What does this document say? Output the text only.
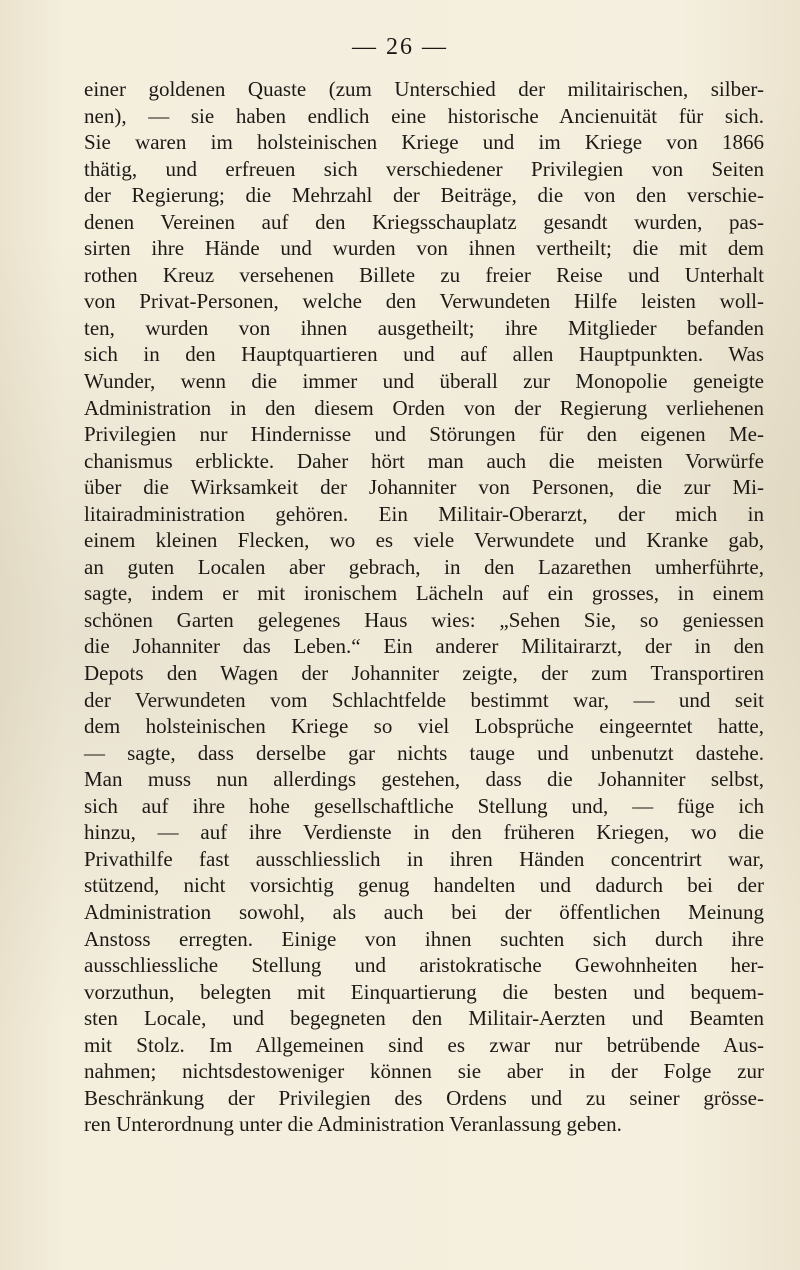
— 26 —
einer goldenen Quaste (zum Unterschied der militairischen, silber-
nen), — sie haben endlich eine historische Ancienuität für sich.
Sie waren im holsteinischen Kriege und im Kriege von 1866
thätig, und erfreuen sich verschiedener Privilegien von Seiten
der Regierung; die Mehrzahl der Beiträge, die von den verschie-
denen Vereinen auf den Kriegsschauplatz gesandt wurden, pas-
sirten ihre Hände und wurden von ihnen vertheilt; die mit dem
rothen Kreuz versehenen Billete zu freier Reise und Unterhalt
von Privat-Personen, welche den Verwundeten Hilfe leisten woll-
ten, wurden von ihnen ausgetheilt; ihre Mitglieder befanden
sich in den Hauptquartieren und auf allen Hauptpunkten. Was
Wunder, wenn die immer und überall zur Monopolie geneigte
Administration in den diesem Orden von der Regierung verliehenen
Privilegien nur Hindernisse und Störungen für den eigenen Me-
chanismus erblickte. Daher hört man auch die meisten Vorwürfe
über die Wirksamkeit der Johanniter von Personen, die zur Mi-
litairadministration gehören. Ein Militair-Oberarzt, der mich in
einem kleinen Flecken, wo es viele Verwundete und Kranke gab,
an guten Localen aber gebrach, in den Lazarethen umherführte,
sagte, indem er mit ironischem Lächeln auf ein grosses, in einem
schönen Garten gelegenes Haus wies: „Sehen Sie, so geniessen
die Johanniter das Leben.“ Ein anderer Militairarzt, der in den
Depots den Wagen der Johanniter zeigte, der zum Transportiren
der Verwundeten vom Schlachtfelde bestimmt war, — und seit
dem holsteinischen Kriege so viel Lobsprüche eingeerntet hatte,
— sagte, dass derselbe gar nichts tauge und unbenutzt dastehe.
Man muss nun allerdings gestehen, dass die Johanniter selbst,
sich auf ihre hohe gesellschaftliche Stellung und, — füge ich
hinzu, — auf ihre Verdienste in den früheren Kriegen, wo die
Privathilfe fast ausschliesslich in ihren Händen concentrirt war,
stützend, nicht vorsichtig genug handelten und dadurch bei der
Administration sowohl, als auch bei der öffentlichen Meinung
Anstoss erregten. Einige von ihnen suchten sich durch ihre
ausschliessliche Stellung und aristokratische Gewohnheiten her-
vorzuthun, belegten mit Einquartierung die besten und bequem-
sten Locale, und begegneten den Militair-Aerzten und Beamten
mit Stolz. Im Allgemeinen sind es zwar nur betrübende Aus-
nahmen; nichtsdestoweniger können sie aber in der Folge zur
Beschränkung der Privilegien des Ordens und zu seiner grösse-
ren Unterordnung unter die Administration Veranlassung geben.
